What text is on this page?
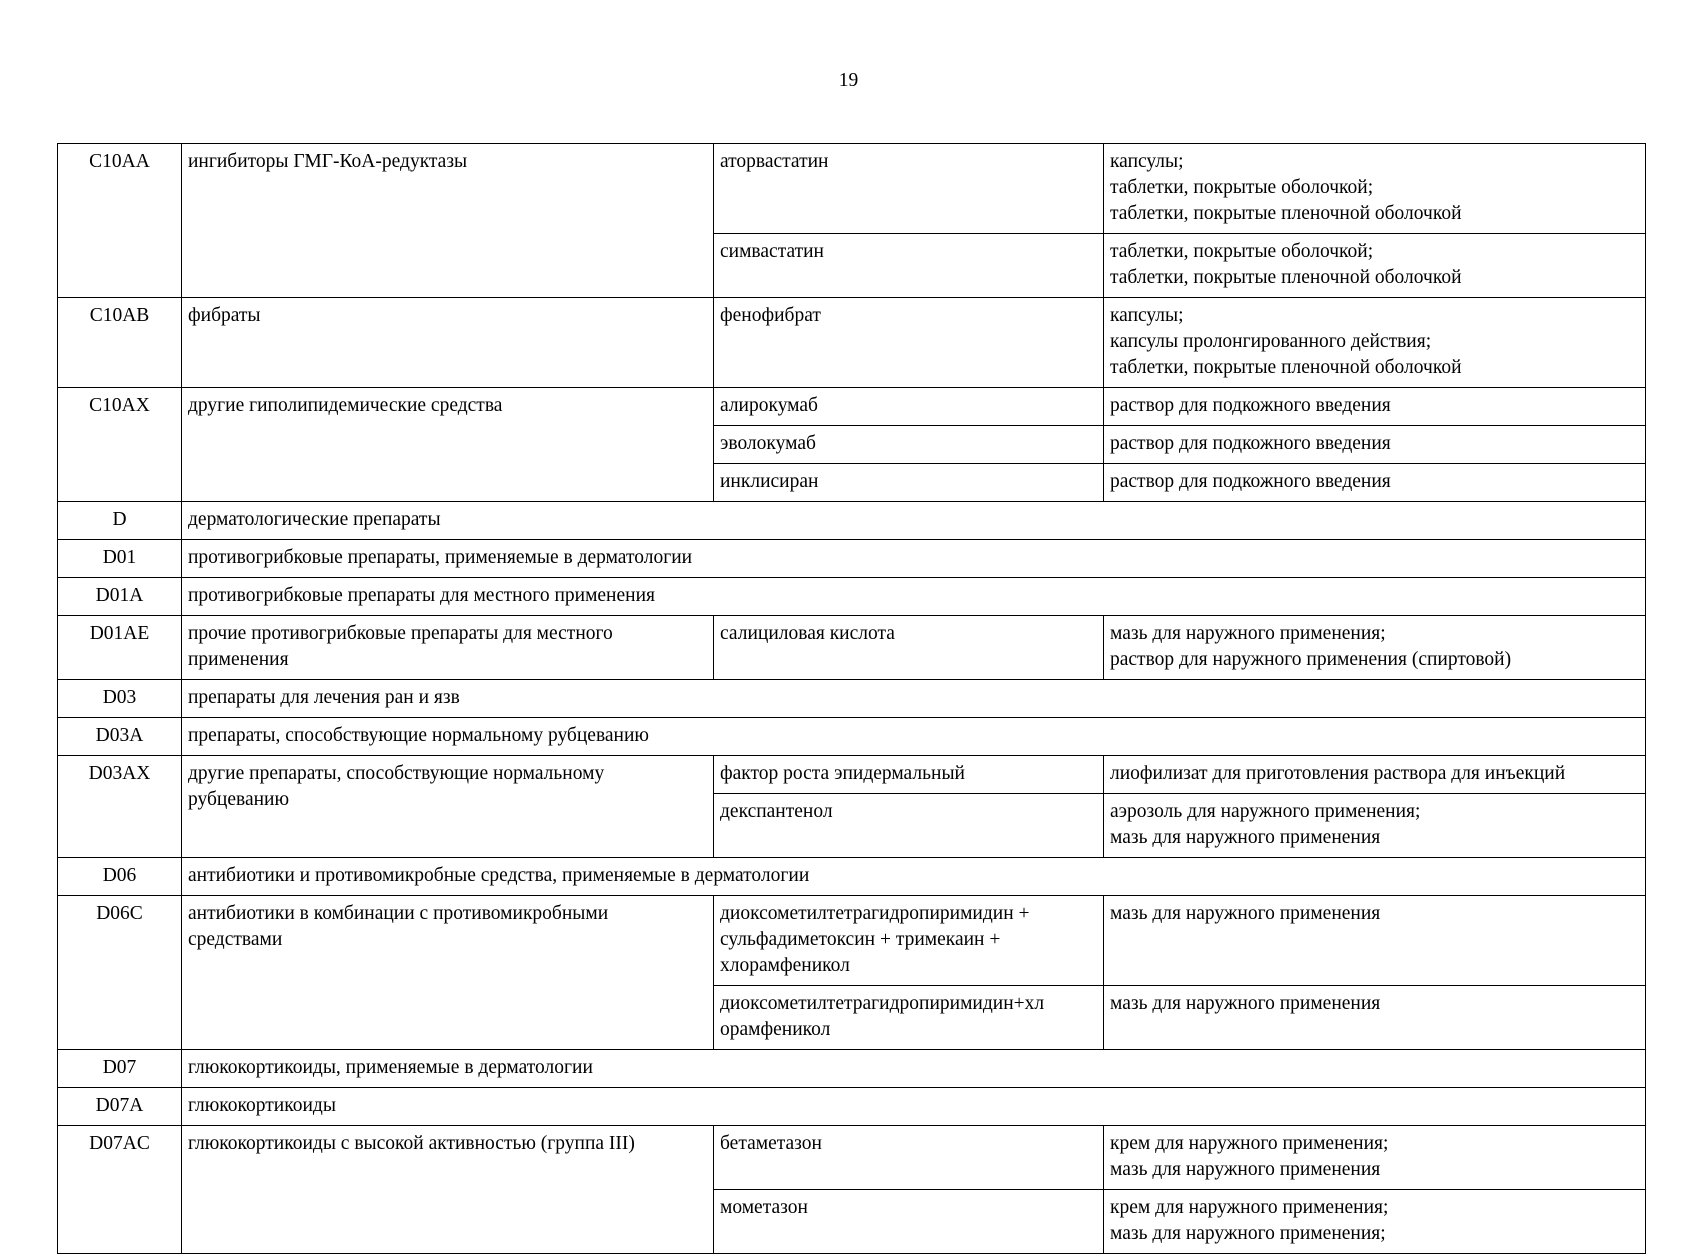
19
C10AA	ингибиторы ГМГ-КоА-редуктазы	аторвастатин	капсулы;
таблетки, покрытые оболочкой;
таблетки, покрытые пленочной оболочкой
		симвастатин	таблетки, покрытые оболочкой;
таблетки, покрытые пленочной оболочкой
C10AB	фибраты	фенофибрат	капсулы;
капсулы пролонгированного действия;
таблетки, покрытые пленочной оболочкой
C10AX	другие гиполипидемические средства	алирокумаб	раствор для подкожного введения
		эволокумаб	раствор для подкожного введения
		инклисиран	раствор для подкожного введения
D	дерматологические препараты		
D01	противогрибковые препараты, применяемые в дерматологии		
D01A	противогрибковые препараты для местного применения		
D01AE	прочие противогрибковые препараты для местного применения	салициловая кислота	мазь для наружного применения;
раствор для наружного применения (спиртовой)
D03	препараты для лечения ран и язв		
D03A	препараты, способствующие нормальному рубцеванию		
D03AX	другие препараты, способствующие нормальному рубцеванию	фактор роста эпидермальный	лиофилизат для приготовления раствора для инъекций
		декспантенол	аэрозоль для наружного применения;
мазь для наружного применения
D06	антибиотики и противомикробные средства, применяемые в дерматологии		
D06C	антибиотики в комбинации с противомикробными средствами	диоксометилтетрагидропиримидин +
сульфадиметоксин + тримекаин +
хлорамфеникол	мазь для наружного применения
		диоксометилтетрагидропиримидин+хл
орамфеникол	мазь для наружного применения
D07	глюкокортикоиды, применяемые в дерматологии		
D07A	глюкокортикоиды		
D07AC	глюкокортикоиды с высокой активностью (группа III)	бетаметазон	крем для наружного применения;
мазь для наружного применения
		мометазон	крем для наружного применения;
мазь для наружного применения;
